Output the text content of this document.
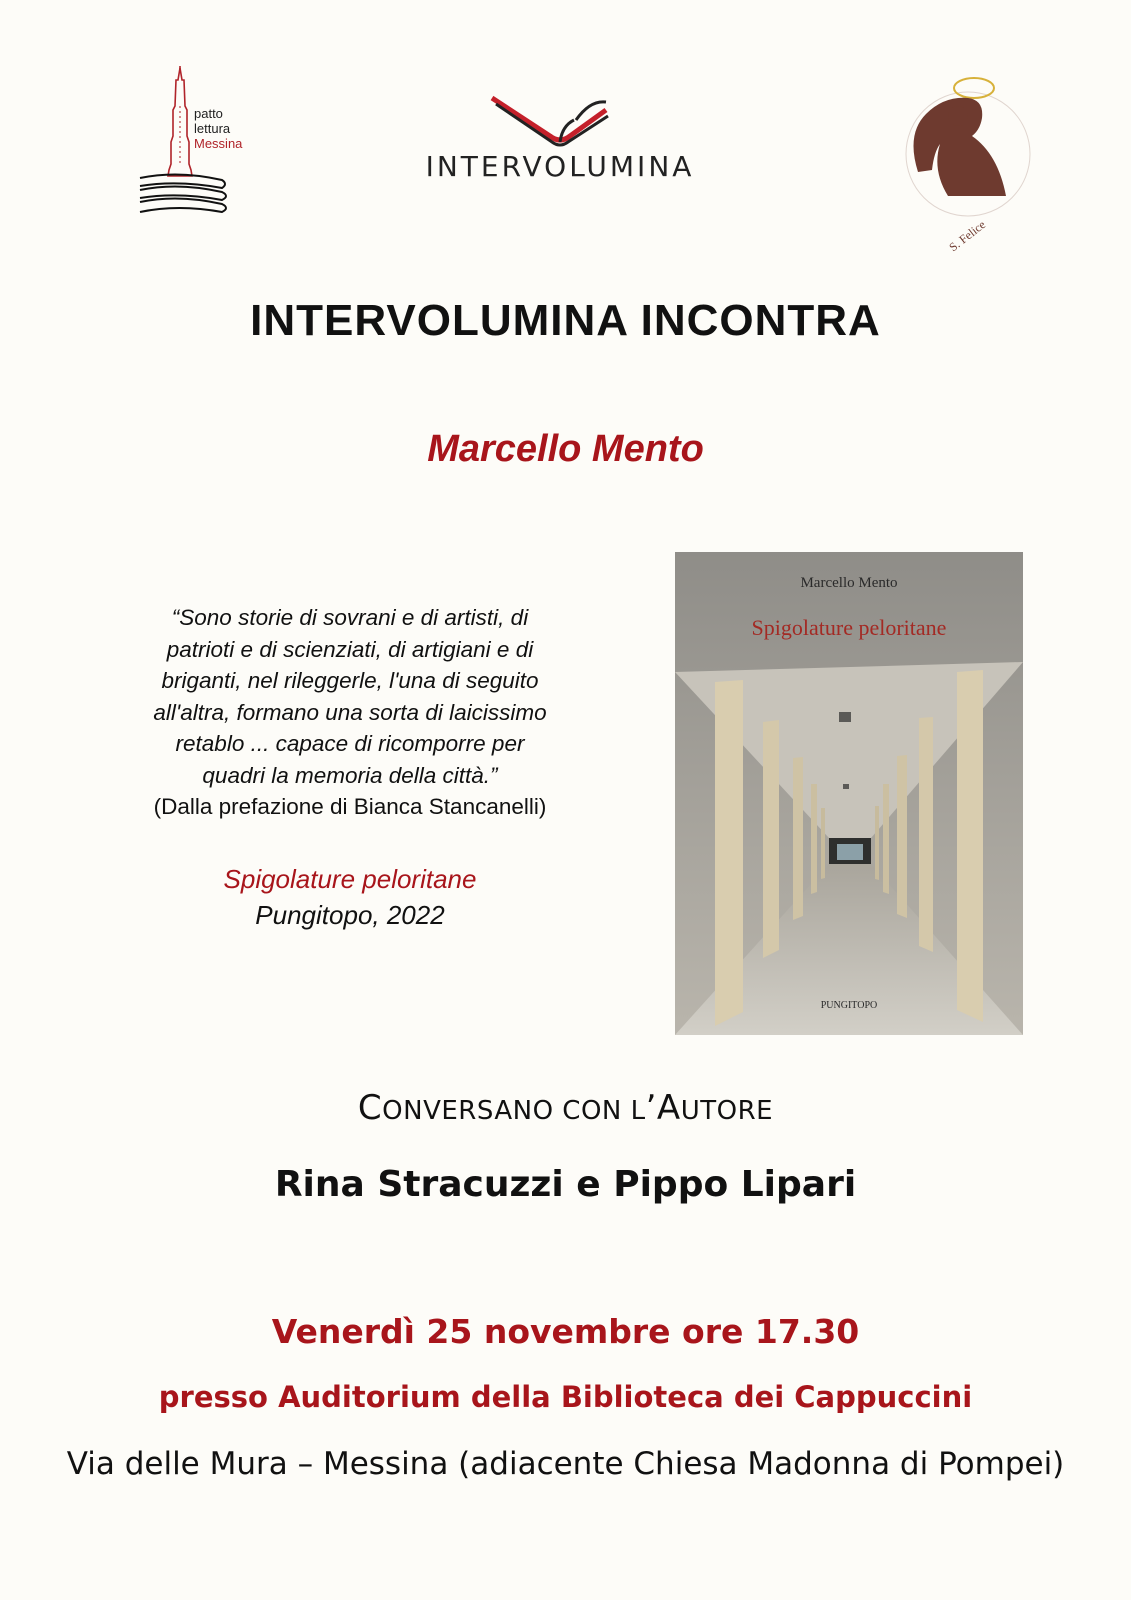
patto
lettura
Messina
INTERVOLUMINA
S. Felice
INTERVOLUMINA INCONTRA
Marcello Mento
“Sono storie di sovrani e di artisti, di
patrioti e di scienziati, di artigiani e di
briganti, nel rileggerle, l'una di seguito
all'altra, formano una sorta di laicissimo
retablo ... capace di ricomporre per
quadri la memoria della città.”
(Dalla prefazione di Bianca Stancanelli)
Spigolature peloritane
Pungitopo, 2022
Marcello Mento
Spigolature peloritane
PUNGITOPO
CONVERSANO CON L’AUTORE
Rina Stracuzzi e Pippo Lipari
Venerdì 25 novembre ore 17.30
presso Auditorium della Biblioteca dei Cappuccini
Via delle Mura – Messina (adiacente Chiesa Madonna di Pompei)
